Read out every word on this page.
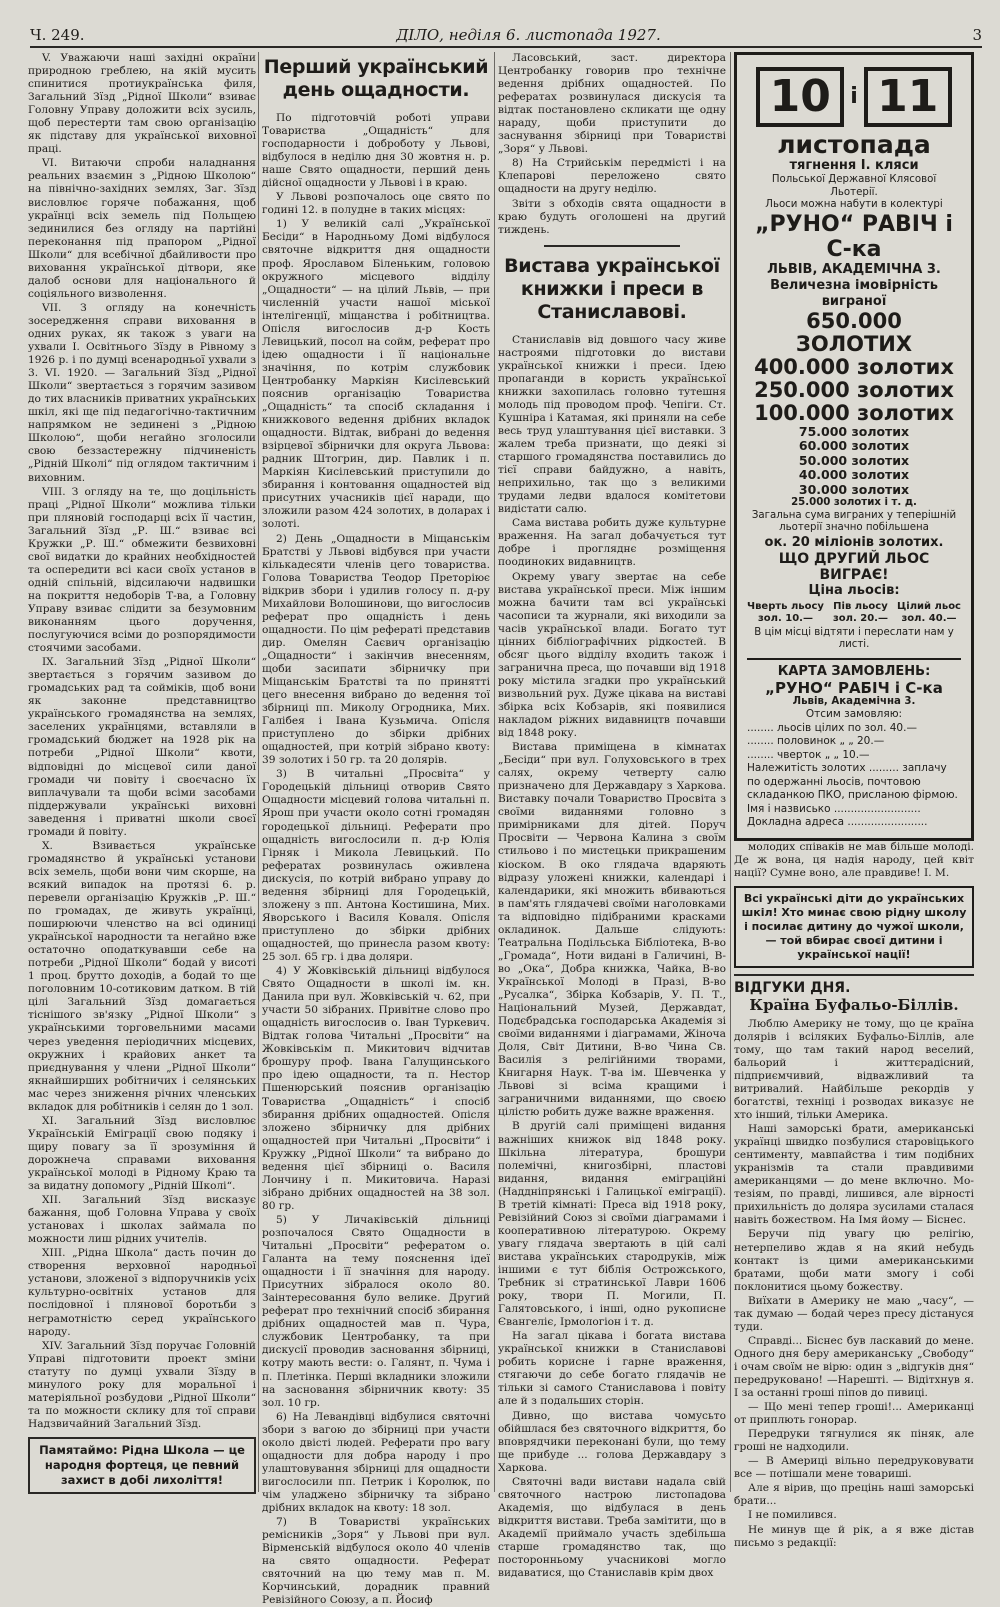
Ч. 249.	ДІЛО, неділя 6. листопада 1927.	3

V. Уважаючи наші західні окраїни природною греблею, на якій мусить спинитися протиукраїнська филя, Загальний Зїзд „Рідної Школи“ взиває Головну Управу доложити всіх зусиль, щоб перестерти там свою організацію як підставу для української виховної праці.

VI. Витаючи спроби наладнання реальних взаємин з „Рідною Школою“ на північно-західних землях, Заг. Зїзд висловлює горяче побажання, щоб українці всіх земель під Польщею зединилися без огляду на партійні переконання під прапором „Рідної Школи“ для всебічної дбайливости про виховання української дітвори, яке далоб основи для національного й соціяльного визволення.

VII. З огляду на конечність зосередження справи виховання в одних руках, як також з уваги на ухвали І. Освітнього Зїзду в Рівному з 1926 р. і по думці всенародньої ухвали з 3. VI. 1920. — Загальний Зїзд „Рідної Школи“ звертається з горячим зазивом до тих власників приватних українських шкіл, які ще під педагогічно-тактичним напрямком не зединені з „Рідною Школою“, щоби негайно зголосили свою беззастережну підчиненість „Рідній Школі“ під оглядом тактичним і виховним.

VIII. З огляду на те, що доцільність праці „Рідної Школи“ можлива тільки при пляновій господарці всіх її частин, Загальний Зїзд „Р. Ш.“ взиває всі Кружки „Р. Ш.“ обмежити безвиховні свої видатки до крайних необхідностей та оспередити всі каси своїх установ в одній спільній, відсилаючи надвишки на покриття недоборів Т-ва, а Головну Управу взиває слідити за безумовним виконанням цього доручення, послугуючися всіми до розпорядимости стоячими засобами.

IX. Загальний Зїзд „Рідної Школи“ звертається з горячим зазивом до громадських рад та сойміків, щоб вони як законне представництво українського громадянства на землях, заселених українцями, вставляли в громадський бюджет на 1928 рік на потреби „Рідної Школи“ квоти, відповідні до місцевої сили даної громади чи повіту і своєчасно їх виплачували та щоби всіми засобами піддержували українські виховні заведення і приватні школи своєї громади й повіту.

X. Взивається українське громадянство й українські установи всіх земель, щоби вони чим скорше, на всякий випадок на протязі 6. р. перевели організацію Кружків „Р. Ш.“ по громадах, де живуть українці, поширюючи членство на всі одиниці української народности та негайно вже остаточно оподаткувавши себе на потреби „Рідної Школи“ бодай у висоті 1 проц. брутто доходів, а бодай то ще поголовним 10-сотиковим датком. В тій цілі Загальний Зїзд домагається тіснішого зв'язку „Рідної Школи“ з українськими торговельними масами через уведення періодичних місцевих, окружних і крайових анкет та приєднування у члени „Рідної Школи“ якнайширших робітничих і селянських мас через зниження річних членських вкладок для робітників і селян до 1 зол.

XI. Загальний Зїзд висловлює Українській Еміграції свою подяку і щиру повагу за її зрозуміння й дорожнеча справами виховання української молоді в Рідному Краю та за видатну допомогу „Рідній Школі“.

XII. Загальний Зїзд висказує бажання, щоб Головна Управа у своїх установах і школах займала по можности лиш рідних учителів.

XIII. „Рідна Школа“ дасть почин до створення верховної народньої установи, зложеної з відпоручників усіх культурно-освітніх установ для послідовної і плянової боротьби з неграмотністю серед українського народу.

XIV. Загальний Зїзд поручає Головній Управі підготовити проект зміни статуту по думці ухвали Зїзду в минулого року для моральної і матеріяльної розбудови „Рідної Школи“ та по можности склику для тої справи Надзвичайний Загальний Зїзд.

Памятаймо: Рідна Школа — це народня фортеця, це певний захист в добі лихоліття!
Перший український день ощадности.

По підготовчій роботі управи Товариства „Ощадність“ для господарности і доброботу у Львові, відбулося в неділю дня 30 жовтня н. р. наше Свято ощадности, перший день дійсної ощадности у Львові і в краю.

У Львові розпочалось оце свято по годині 12. в полудне в таких місцях:

1) У великій салі „Української Бесіди“ в Народньому Домі відбулося святочне відкриття дня ощадности проф. Ярославом Біленьким, головою окружного місцевого відділу „Ощадности“ — на цілий Львів, — при численній участи нашої міської інтелігенції, міщанства і робітництва. Опісля вигослосив д-р Кость Левицький, посол на сойм, реферат про ідею ощадности і її національне значіння, по котрім службовик Центробанку Маркіян Кисілевський пояснив організацію Товариства „Ощадність“ та спосіб складання і книжкового ведення дрібних вкладок ощадности. Відтак, вибрані до ведення взірцевої збірнички для округа Львова: радник Штогрин, дир. Павлик і п. Маркіян Кисілевський приступили до збирання і контовання ощадностей від присутних учасників цієї наради, що зложили разом 424 золотих, в доларах і золоті.

2) День „Ощадности в Міщанськім Братстві у Львові відбувся при участи кількадесяти членів цего товариства. Голова Товариства Теодор Преторіює відкрив збори і удилив голосу п. д-ру Михайлови Волошинови, що вигослосив реферат про ощадність і день ощадности. По цім рефераті представив дир. Омелян Саєвич організацію „Ощадности“ і закінчив внесенням, щоби засипати збірничку при Міщанськім Братстві та по принятті цего внесення вибрано до ведення тої збірниці пп. Миколу Огродника, Мих. Галібея і Івана Кузьмича. Опісля приступлено до збірки дрібних ощадностей, при котрій зібрано квоту: 39 золотих і 50 гр. та 20 долярів.

3) В читальні „Просвіта“ у Городецькій дільниці отворив Свято Ощадности місцевий голова читальні п. Ярош при участи около сотні громадян городецької дільниці. Реферати про ощадність вигослосили п. д-р Юлія Гірняк і Микола Левицький. По рефератах розвинулась оживлена дискусія, по котрій вибрано управу до ведення збірниці для Городецькій, зложену з пп. Антона Костишина, Мих. Яворського і Василя Коваля. Опісля приступлено до збірки дрібних ощадностей, що принесла разом квоту: 25 зол. 65 гр. і два доляри.

4) У Жовківській дільниці відбулося Свято Ощадности в школі ім. кн. Данила при вул. Жовківській ч. 62, при участи 50 зібраних. Привітне слово про ощадність вигослосив о. Іван Туркевич. Відтак голова Читальні „Просвіти“ на Жовківськім п. Микитович відчитав брошуру проф. Івана Галущинського про ідею ощадности, та п. Нестор Пшенюрський пояснив організацію Товариства „Ощадність“ і спосіб збирання дрібних ощадностей. Опісля зложено збірничку для дрібних ощадностей при Читальні „Просвіти“ і Кружку „Рідної Школи“ та вибрано до ведення цієї збірниці о. Василя Лончину і п. Микитовича. Наразі зібрано дрібних ощадностей на 38 зол. 80 гр.

5) У Личаківській дільниці розпочалося Свято Ощадности в Читальні „Просвіти“ рефератом о. Галанта на тему пояснення ідеї ощадности і її значіння для народу. Присутних зібралося около 80. Заінтересовання було велике. Другий реферат про технічний спосіб збирання дрібних ощадностей мав п. Чура, службовик Центробанку, та при дискусії проводив засновання збірниці, котру мають вести: о. Галянт, п. Чума і п. Плетінка. Перші вкладники зложили на засновання збірничник квоту: 35 зол. 10 гр.

6) На Левандівці відбулися святочні збори з вагою до збірниці при участи около двісті людей. Реферати про вагу ощадности для добра народу і про улаштовування збірниці для ощадности вигослосили пп. Петрик і Королюк, по чім уладжено збірничку та зібрано дрібних вкладок на квоту: 18 зол.

7) В Товаристві українських ремісників „Зоря“ у Львові при вул. Вірменській відбулося около 40 членів на свято ощадности. Реферат святочний на цю тему мав п. М. Корчинський, дорадник правний Ревізійного Союзу, а п. Йосиф

Ласовський, заст. директора Центробанку говорив про технічне ведення дрібних ощадностей. По рефератах розвинулася дискусія та відтак постановлено скликати ще одну нараду, щоби приступити до заснування збірниці при Товаристві „Зоря“ у Львові.

8) На Стрийськім передмісті і на Клепарові переложено свято ощадности на другу неділю.

Звіти з обходів свята ощадности в краю будуть оголошені на другий тиждень.

Вистава української книжки і преси в Станиславові.

Станиславів від довшого часу живе настроями підготовки до вистави української книжки і преси. Ідею пропаганди в користь української книжки захопилась головно тутешня молодь під проводом проф. Чепіги. Ст. Кушніра і Катамая, які приняли на себе весь труд улаштування цієї виставки. З жалем треба признати, що деякі зі старшого громадянства поставились до тієї справи байдужно, а навіть, неприхильно, так що з великими трудами ледви вдалося комітетови видістати салю.

Сама вистава робить дуже культурне враження. На загал добачується тут добре і прогляднє розміщення поодиноких видавництв.

Окрему увагу звертає на себе вистава української преси. Між іншим можна бачити там всі українські часописи та журнали, які виходили за часів української влади. Богато тут цінних бібліографічних рідкостей. В обсяг цього відділу входить також і загранична преса, що почавши від 1918 року містила згадки про український визвольний рух. Дуже цікава на виставі збірка всіх Кобзарів, які появилися накладом ріжних видавництв почавши від 1848 року.

Вистава приміщена в кімнатах „Бесіди“ при вул. Голуховського в трех салях, окрему четверту салю призначено для Державдару з Харкова. Виставку почали Товариство Просвіта з своїми виданнями головно з примірниками для дітей. Поруч Просвіти — Червона Калина з своїм стильово і по мистецьки прикрашеним кіоском. В око глядача вдаряють відразу уложені книжки, календарі і календарики, які множить вбиваються в пам'ять глядачеві своїми наголовками та відповідно підібраними красками окладинок. Дальше слідують: Театральна Подільська Бібліотека, В-во „Громада“, Ноти видані в Галичині, В-во „Ока“, Добра книжка, Чайка, В-во Української Молоді в Празі, В-во „Русалка“, Збірка Кобзарів, У. П. Т., Національний Музей, Державдат, Подєбрадська господарська Академія зі своїми виданнями і діаграмами, Жіноча Доля, Світ Дитини, В-во Чина Св. Василія з релігійними творами, Книгарня Наук. Т-ва ім. Шевченка у Львові зі всіма кращими і заграничними виданнями, що своєю цілістю робить дуже важне враження.

В другій салі приміщені видання важніших книжок від 1848 року. Шкільна література, брошури полемічні, книгозбірні, пластові видання, видання еміграційні (Наддніпрянські і Галицької еміграції). В третій кімнаті: Преса від 1918 року, Ревізійний Союз зі своїми діаграмами і кооперативною літературою. Окрему увагу глядача звертають в цій салі вистава українських стародруків, між іншими є тут біблія Острожського, Требник зі стратинської Лаври 1606 року, твори П. Могили, П. Галятовського, і інші, одно рукописне Євангеліє, Ірмологіон і т. д.

На загал цікава і богата вистава української книжки в Станиславові робить корисне і гарне враження, стягаючи до себе богато глядачів не тільки зі самого Станиславова і повіту але й з подальших сторін.

Дивно, що вистава чомусьто обійшлася без святочного відкриття, бо вповрядчики переконані були, що тему ще прибуде ... голова Державдару з Харкова.

Святочні вади вистави надала свій святочного настрою листопадова Академія, що відбулася в день відкриття вистави. Треба замітити, що в Академії приймало участь здебільша старше громадянство так, що посторонньому учасникові могло видаватися, що Станиславів крім двох

10 і 11
листопада
тягнення І. кляси
Польської Державної Клясової Льотерії.
Льоси можна набути в колектурі
„РУНО“ РАВІЧ і С-ка
ЛЬВІВ, АКАДЕМІЧНА 3.
Величезна імовірність виграної
650.000 ЗОЛОТИХ
400.000 золотих
250.000 золотих
100.000 золотих
75.000 золотих
60.000 золотих
50.000 золотих
40.000 золотих
30.000 золотих
25.000 золотих і т. д.
Загальна сума виграних у теперішній льотерії значно побільшена
ок. 20 міліонів золотих.
ЩО ДРУГИЙ ЛЬОС ВИГРАЄ!
Ціна льосів:
Чверть льосу
зол. 10.—
Пів льосу
зол. 20.—
Цілий льос
зол. 40.—
В цім місці відтяти і переслати нам у листі.
КАРТА ЗАМОВЛЕНЬ:
„РУНО“ РАБІЧ і С-ка
Львів, Академічна 3.
Отсим замовляю:
........ льосів цілих по зол. 40.—
........ половинок „ „ 20.—
........ чверток „ „ 10.—
Належитість золотих ......... заплачу
по одержанні льосів, почтовою складанкою ПКО, присланою фірмою.
Імя і назвисько ..........................
Докладна адреса ........................

молодих співаків не мав більше молоді. Де ж вона, ця надія народу, цей квіт нації? Сумне воно, але правдиве! І. М.

Всі українські діти до українських шкіл! Хто минає свою рідну школу і посилає дитину до чужої школи, — той вбирає своєї дитини і української нації!
ВІДГУКИ ДНЯ.
Країна Буфальо-Біллів.

Люблю Америку не тому, що це країна долярів і всіляких Буфальо-Біллів, але тому, що там такий народ веселий, бальорий і життєрадісний, підприємчивий, відважливий та витривалий. Найбільше рекордів у богатстві, техніці і розводах виказує не хто інший, тільки Америка.

Наші заморські брати, американські українці швидко позбулися старовіцького сентименту, мавпайства і тим подібних укранізмів та стали правдивими американцями — до мене включно. Мо-тезіям, по правді, лишився, але вірності прихильність до доляра зусилами сталася навіть божеством. На Імя йому — Біснес.

Беручи під увагу цю релігію, нетерпеливо ждав я на який небудь контакт із цими американськими братами, щоби мати змогу і собі поклонитися цьому божеству.

Виїхати в Америку не маю „часу“, — так думаю — бодай через пресу дістануся туди.

Справді... Біснес був ласкавий до мене. Одного дня беру американську „Свободу“ і очам своїм не вірю: один з „відгуків дня“ передруковано! —Нарешті. — Відітхнув я. І за останні гроші піпов до пивиці.

— Що мені тепер гроші!... Американці от приплють гонорар.

Передруки тягнулися як піняк, але гроші не надходили.

— В Америці вільно передруковувати все — потішали мене товариші.

Але я вірив, що прецінь наші заморські брати...

І не помилився.

Не минув ще й рік, а я вже дістав письмо з редакції:
